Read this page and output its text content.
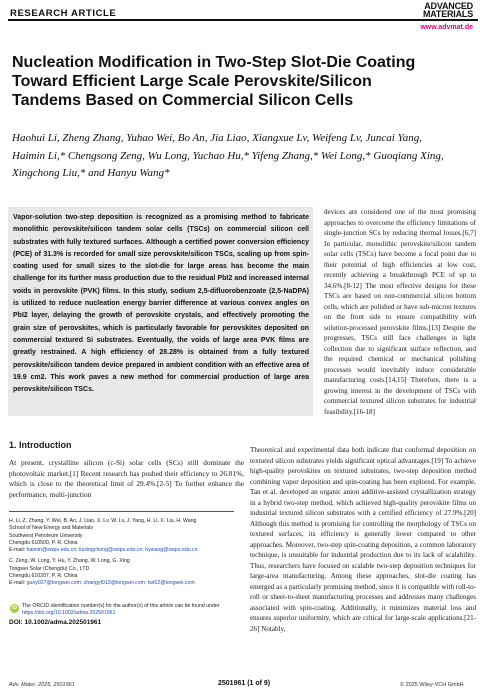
RESEARCH ARTICLE
ADVANCED
MATERIALS
www.advmat.de
Nucleation Modification in Two-Step Slot-Die Coating Toward Efficient Large Scale Perovskite/Silicon Tandems Based on Commercial Silicon Cells
Haohui Li, Zheng Zhang, Yuhao Wei, Bo An, Jia Liao, Xiangxue Lv, Weifeng Lv, Juncai Yang, Haimin Li,* Chengsong Zeng, Wu Long, Yuchao Hu,* Yifeng Zhang,* Wei Long,* Guoqiang Xing, Xingchong Liu,* and Hanyu Wang*
Vapor-solution two-step deposition is recognized as a promising method to fabricate monolithic perovskite/silicon tandem solar cells (TSCs) on commercial silicon cell substrates with fully textured surfaces. Although a certified power conversion efficiency (PCE) of 31.3% is recorded for small size perovskite/silicon TSCs, scaling up from spin-coating used for small sizes to the slot-die for large areas has become the main challenge for its further mass production due to the residual PbI2 and increased internal voids in perovskite (PVK) films. In this study, sodium 2,5-difluorobenzoate (2,5-NaDPA) is utilized to reduce nucleation energy barrier difference at various convex angles on PbI2 layer, delaying the growth of perovskite crystals, and effectively promoting the grain size of perovskites, which is particularly favorable for perovskites deposited on commercial textured Si substrates. Eventually, the voids of large area PVK films are greatly restrained. A high efficiency of 28.28% is obtained from a fully textured perovskite/silicon tandem device prepared in ambient condition with an effective area of 19.9 cm2. This work paves a new method for commercial production of large area perovskite/silicon TSCs.
1. Introduction
At present, crystalline silicon (c-Si) solar cells (SCs) still dominate the photovoltaic market.[1] Recent research has pushed their efficiency to 26.81%, which is close to the theoretical limit of 29.4%.[2-5] To further enhance the performance, multi-junction
H. Li, Z. Zhang, Y. Wei, B. An, J. Liao, X. Lv, W. Lv, J. Yang, H. Li, X. Liu, H. Wang
School of New Energy and Materials
Southwest Petroleum University
Chengdu 610500, P. R. China
E-mail: haimin@swpu.edu.cn; liuxingchong@swpu.edu.cn; hywang@swpu.edu.cn
C. Zeng, W. Long, Y. Hu, Y. Zhang, W. Long, G. Xing
Tongwei Solar (Chengdu) Co., LTD
Chengdu 610207, P. R. China
E-mail: guoy027@tongwei.com; zhangyf013@tongwei.com; twt02@tongwei.com
iD The ORCID identification number(s) for the author(s) of this article can be found under https://doi.org/10.1002/adma.202501961
DOI: 10.1002/adma.202501961
devices are considered one of the most promising approaches to overcome the efficiency limitations of single-junction SCs by reducing thermal losses.[6,7] In particular, monolithic perovskite/silicon tandem solar cells (TSCs) have become a focal point due to their potential of high efficiencies at low cost, recently achieving a breakthrough PCE of up to 34.6%.[8-12] The most effective designs for these TSCs are based on non-commercial silicon bottom cells, which are polished or have sub-micron textures on the front side to ensure compatibility with solution-processed perovskite films.[13] Despite the progresses, TSCs still face challenges in light collection due to significant surface reflection, and the required chemical or mechanical polishing processes would inevitably induce considerable manufacturing costs.[14,15] Therefore, there is a growing interest in the development of TSCs with commercial textured silicon substrates for industrial feasibility.[16-18]
Theoretical and experimental data both indicate that conformal deposition on textured silicon substrates yields significant optical advantages.[19] To achieve high-quality perovskites on textured substrates, two-step deposition method combining vapor deposition and spin-coating has been explored. For example, Tan et al. developed an organic anion additive-assisted crystallization strategy in a hybrid two-step method, which achieved high-quality perovskite films on industrial textured silicon substrates with a certified efficiency of 27.9%.[20] Although this method is promising for controlling the morphology of TSCs on textured surfaces, its efficiency is generally lower compared to other approaches. Moreover, two-step spin-coating deposition, a common laboratory technique, is unsuitable for industrial production due to its lack of scalability. Thus, researchers have focused on scalable two-step deposition techniques for large-area manufacturing. Among these approaches, slot-die coating has emerged as a particularly promising method, since it is compatible with roll-to-roll or sheet-to-sheet manufacturing processes and addresses many challenges associated with spin-coating. Additionally, it minimizes material loss and ensures superior uniformity, which are critical for large-scale applications.[21-26] Notably,
Adv. Mater. 2025, 2501961	2501961 (1 of 9)	© 2025 Wiley-VCH GmbH
